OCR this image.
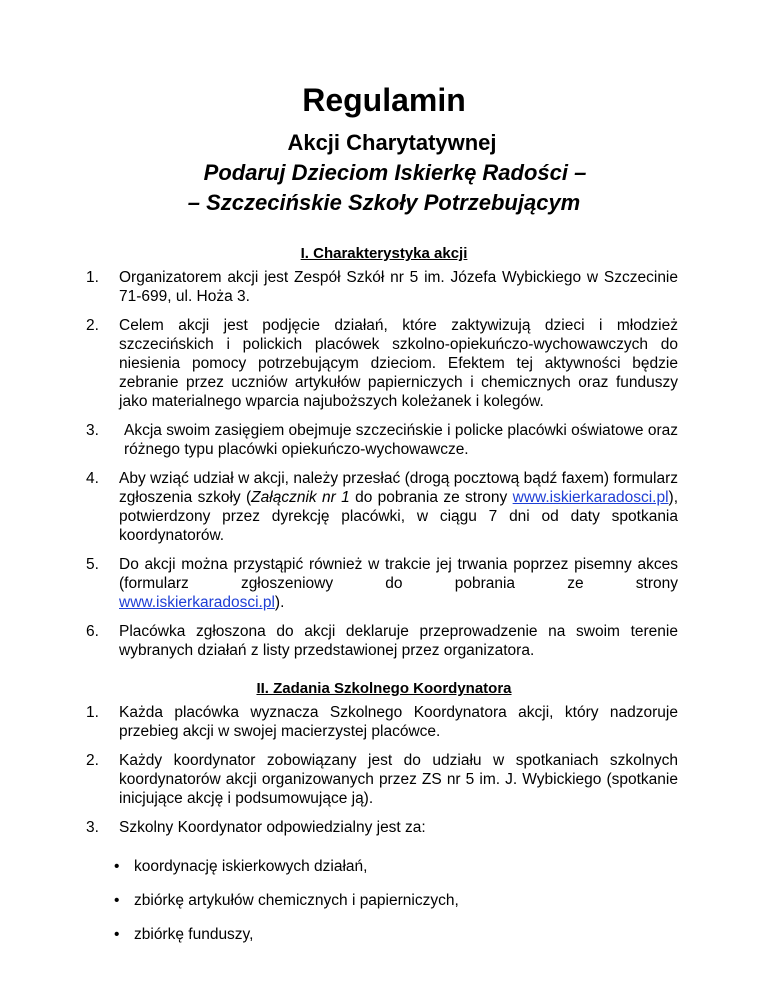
Regulamin
Akcji Charytatywnej
Podaruj Dzieciom Iskierkę Radości –
– Szczecińskie Szkoły Potrzebującym
I. Charakterystyka akcji
1. Organizatorem akcji jest Zespół Szkół nr 5 im. Józefa Wybickiego w Szczecinie 71-699, ul. Hoża 3.
2. Celem akcji jest podjęcie działań, które zaktywizują dzieci i młodzież szczecińskich i polickich placówek szkolno-opiekuńczo-wychowawczych do niesienia pomocy potrzebującym dzieciom. Efektem tej aktywności będzie zebranie przez uczniów artykułów papierniczych i chemicznych oraz funduszy jako materialnego wparcia najuboższych koleżanek i kolegów.
3. Akcja swoim zasięgiem obejmuje szczecińskie i policke placówki oświatowe oraz różnego typu placówki opiekuńczo-wychowawcze.
4. Aby wziąć udział w akcji, należy przesłać (drogą pocztową bądź faxem) formularz zgłoszenia szkoły (Załącznik nr 1 do pobrania ze strony www.iskierkaradosci.pl), potwierdzony przez dyrekcję placówki, w ciągu 7 dni od daty spotkania koordynatorów.
5. Do akcji można przystąpić również w trakcie jej trwania poprzez pisemny akces (formularz zgłoszeniowy do pobrania ze strony
www.iskierkaradosci.pl).
6. Placówka zgłoszona do akcji deklaruje przeprowadzenie na swoim terenie wybranych działań z listy przedstawionej przez organizatora.
II. Zadania Szkolnego Koordynatora
1. Każda placówka wyznacza Szkolnego Koordynatora akcji, który nadzoruje przebieg akcji w swojej macierzystej placówce.
2. Każdy koordynator zobowiązany jest do udziału w spotkaniach szkolnych koordynatorów akcji organizowanych przez ZS nr 5 im. J. Wybickiego (spotkanie inicjujące akcję i podsumowujące ją).
3. Szkolny Koordynator odpowiedzialny jest za:
• koordynację iskierkowych działań,
• zbiórkę artykułów chemicznych i papierniczych,
• zbiórkę funduszy,
